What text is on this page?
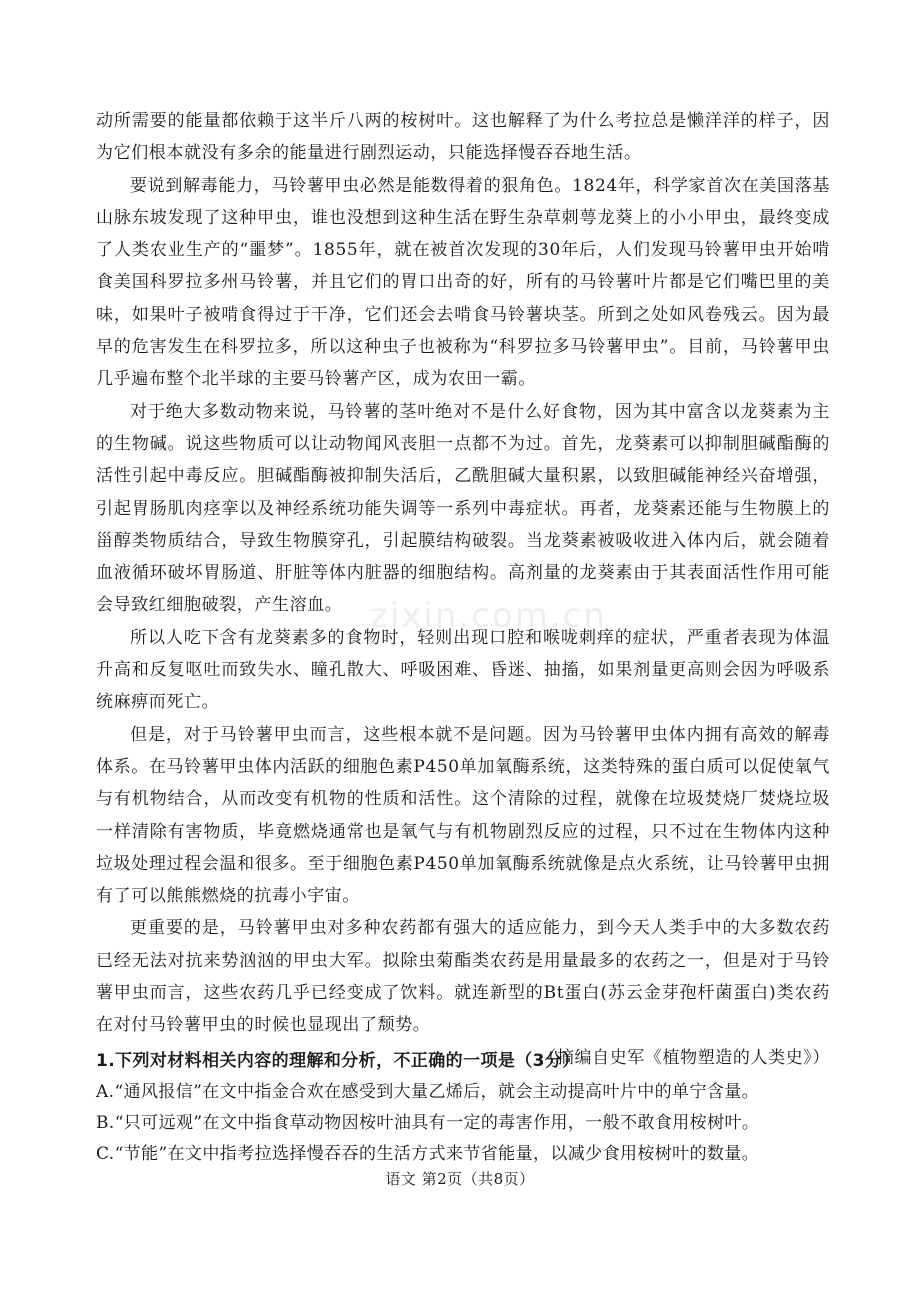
zixin.com.cn

动所需要的能量都依赖于这半斤八两的桉树叶。这也解释了为什么考拉总是懒洋洋的样子，因为它们根本就没有多余的能量进行剧烈运动，只能选择慢吞吞地生活。

要说到解毒能力，马铃薯甲虫必然是能数得着的狠角色。1824年，科学家首次在美国落基山脉东坡发现了这种甲虫，谁也没想到这种生活在野生杂草刺萼龙葵上的小小甲虫，最终变成了人类农业生产的“噩梦”。1855年，就在被首次发现的30年后，人们发现马铃薯甲虫开始啃食美国科罗拉多州马铃薯，并且它们的胃口出奇的好，所有的马铃薯叶片都是它们嘴巴里的美味，如果叶子被啃食得过于干净，它们还会去啃食马铃薯块茎。所到之处如风卷残云。因为最早的危害发生在科罗拉多，所以这种虫子也被称为“科罗拉多马铃薯甲虫”。目前，马铃薯甲虫几乎遍布整个北半球的主要马铃薯产区，成为农田一霸。

对于绝大多数动物来说，马铃薯的茎叶绝对不是什么好食物，因为其中富含以龙葵素为主的生物碱。说这些物质可以让动物闻风丧胆一点都不为过。首先，龙葵素可以抑制胆碱酯酶的活性引起中毒反应。胆碱酯酶被抑制失活后，乙酰胆碱大量积累，以致胆碱能神经兴奋增强，引起胃肠肌肉痉挛以及神经系统功能失调等一系列中毒症状。再者，龙葵素还能与生物膜上的甾醇类物质结合，导致生物膜穿孔，引起膜结构破裂。当龙葵素被吸收进入体内后，就会随着血液循环破坏胃肠道、肝脏等体内脏器的细胞结构。高剂量的龙葵素由于其表面活性作用可能会导致红细胞破裂，产生溶血。

所以人吃下含有龙葵素多的食物时，轻则出现口腔和喉咙刺痒的症状，严重者表现为体温升高和反复呕吐而致失水、瞳孔散大、呼吸困难、昏迷、抽搐，如果剂量更高则会因为呼吸系统麻痹而死亡。

但是，对于马铃薯甲虫而言，这些根本就不是问题。因为马铃薯甲虫体内拥有高效的解毒体系。在马铃薯甲虫体内活跃的细胞色素P450单加氧酶系统，这类特殊的蛋白质可以促使氧气与有机物结合，从而改变有机物的性质和活性。这个清除的过程，就像在垃圾焚烧厂焚烧垃圾一样清除有害物质，毕竟燃烧通常也是氧气与有机物剧烈反应的过程，只不过在生物体内这种垃圾处理过程会温和很多。至于细胞色素P450单加氧酶系统就像是点火系统，让马铃薯甲虫拥有了可以熊熊燃烧的抗毒小宇宙。

更重要的是，马铃薯甲虫对多种农药都有强大的适应能力，到今天人类手中的大多数农药已经无法对抗来势汹汹的甲虫大军。拟除虫菊酯类农药是用量最多的农药之一，但是对于马铃薯甲虫而言，这些农药几乎已经变成了饮料。就连新型的Bt蛋白(苏云金芽孢杆菌蛋白)类农药在对付马铃薯甲虫的时候也显现出了颓势。

（摘编自史军《植物塑造的人类史》）

1.下列对材料相关内容的理解和分析，不正确的一项是（3分）

A.“通风报信”在文中指金合欢在感受到大量乙烯后，就会主动提高叶片中的单宁含量。

B.“只可远观”在文中指食草动物因桉叶油具有一定的毒害作用，一般不敢食用桉树叶。

C.“节能”在文中指考拉选择慢吞吞的生活方式来节省能量，以减少食用桉树叶的数量。

语文 第2页（共8页）
